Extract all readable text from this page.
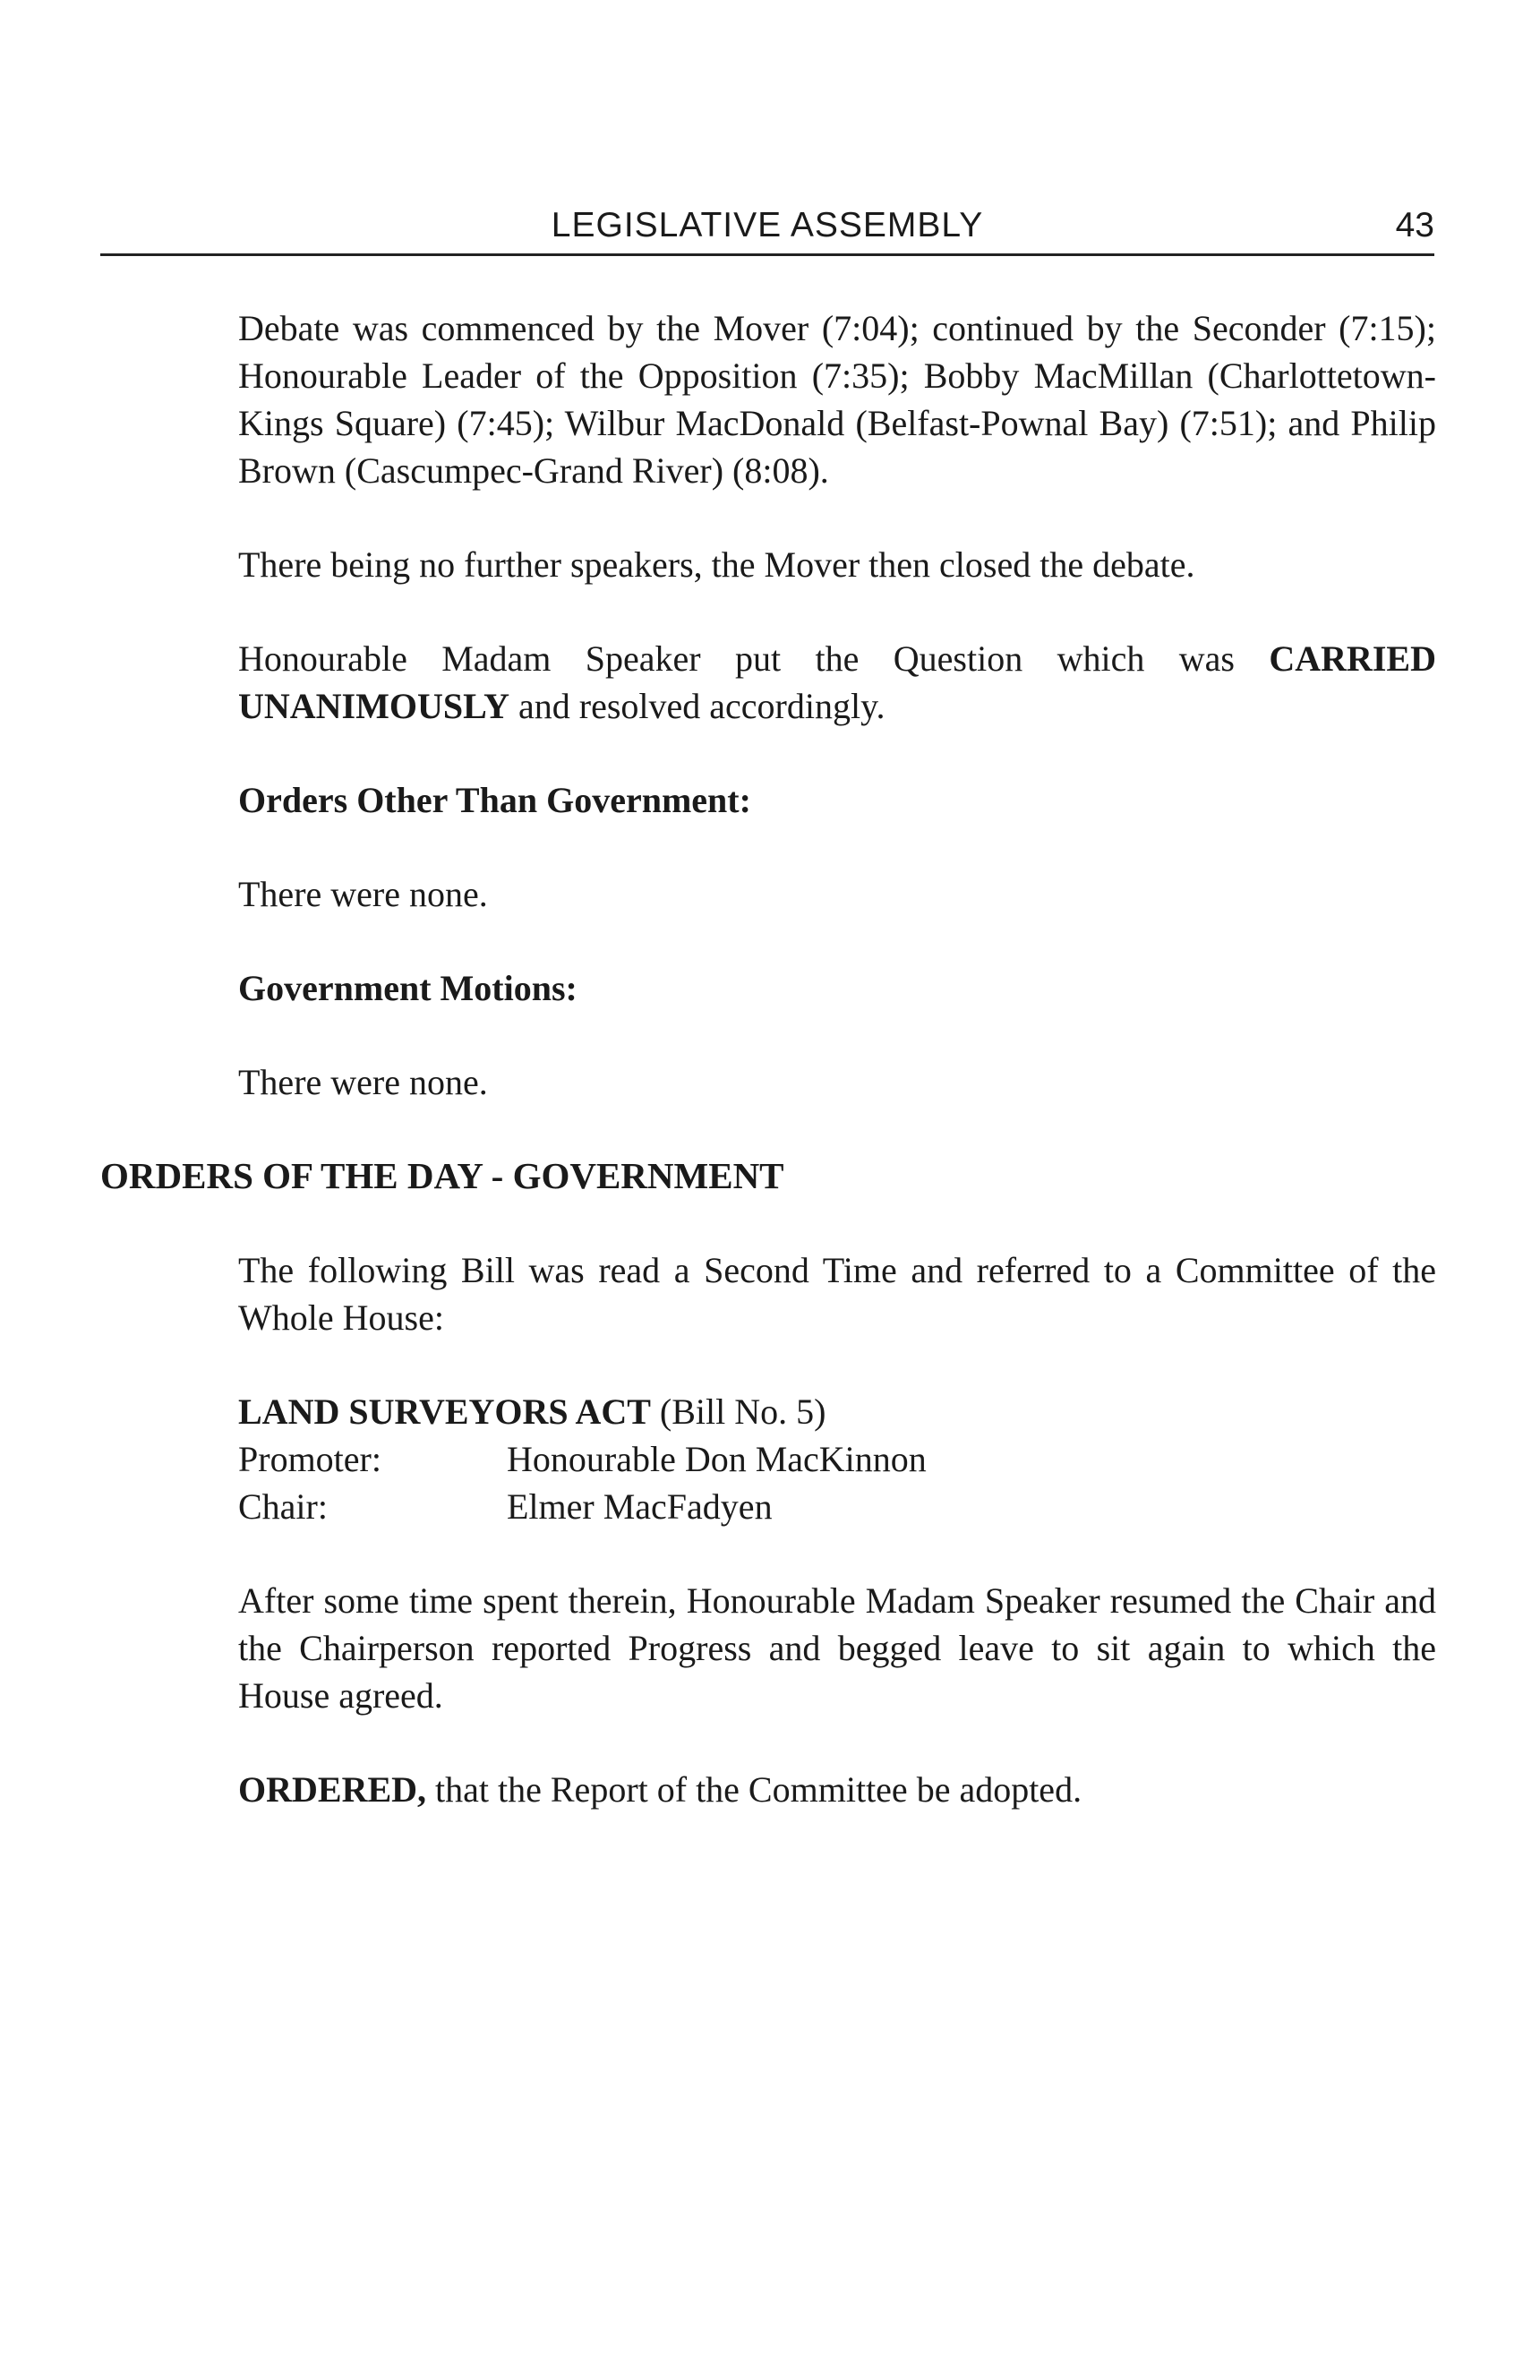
LEGISLATIVE ASSEMBLY	43

Debate was commenced by the Mover (7:04); continued by the Seconder (7:15); Honourable Leader of the Opposition (7:35); Bobby MacMillan (Charlottetown-Kings Square) (7:45); Wilbur MacDonald (Belfast-Pownal Bay) (7:51); and Philip Brown (Cascumpec-Grand River) (8:08).

There being no further speakers, the Mover then closed the debate.

Honourable Madam Speaker put the Question which was CARRIED UNANIMOUSLY and resolved accordingly.

Orders Other Than Government:

There were none.

Government Motions:

There were none.

ORDERS OF THE DAY - GOVERNMENT

The following Bill was read a Second Time and referred to a Committee of the Whole House:

LAND SURVEYORS ACT (Bill No. 5)
Promoter:	Honourable Don MacKinnon
Chair:	Elmer MacFadyen

After some time spent therein, Honourable Madam Speaker resumed the Chair and the Chairperson reported Progress and begged leave to sit again to which the House agreed.

ORDERED, that the Report of the Committee be adopted.
